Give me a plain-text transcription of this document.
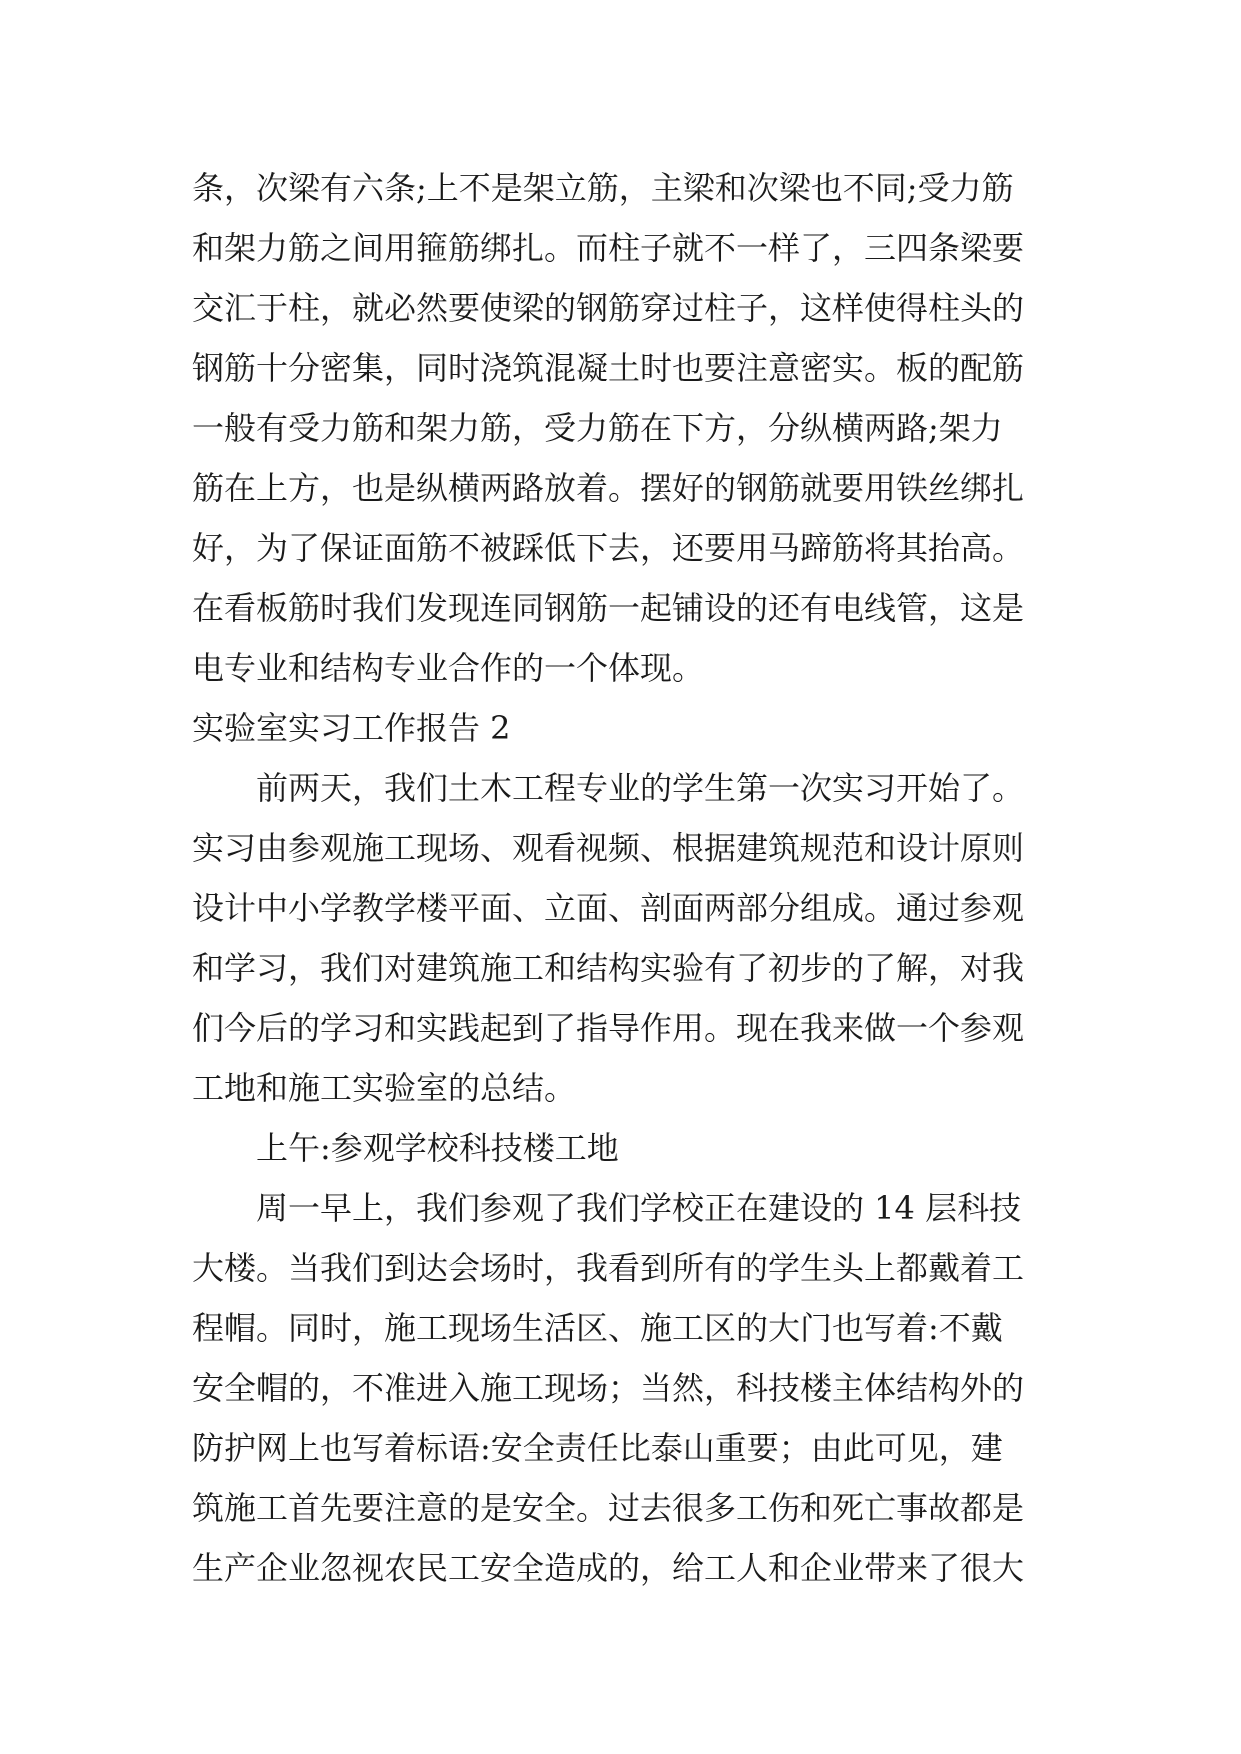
条，次梁有六条;上不是架立筋，主梁和次梁也不同;受力筋
和架力筋之间用箍筋绑扎。而柱子就不一样了，三四条梁要
交汇于柱，就必然要使梁的钢筋穿过柱子，这样使得柱头的
钢筋十分密集，同时浇筑混凝土时也要注意密实。板的配筋
一般有受力筋和架力筋，受力筋在下方，分纵横两路;架力
筋在上方，也是纵横两路放着。摆好的钢筋就要用铁丝绑扎
好，为了保证面筋不被踩低下去，还要用马蹄筋将其抬高。
在看板筋时我们发现连同钢筋一起铺设的还有电线管，这是
电专业和结构专业合作的一个体现。
实验室实习工作报告 2
前两天，我们土木工程专业的学生第一次实习开始了。
实习由参观施工现场、观看视频、根据建筑规范和设计原则
设计中小学教学楼平面、立面、剖面两部分组成。通过参观
和学习，我们对建筑施工和结构实验有了初步的了解，对我
们今后的学习和实践起到了指导作用。现在我来做一个参观
工地和施工实验室的总结。
上午:参观学校科技楼工地
周一早上，我们参观了我们学校正在建设的 14 层科技
大楼。当我们到达会场时，我看到所有的学生头上都戴着工
程帽。同时，施工现场生活区、施工区的大门也写着:不戴
安全帽的，不准进入施工现场；当然，科技楼主体结构外的
防护网上也写着标语:安全责任比泰山重要；由此可见，建
筑施工首先要注意的是安全。过去很多工伤和死亡事故都是
生产企业忽视农民工安全造成的，给工人和企业带来了很大
